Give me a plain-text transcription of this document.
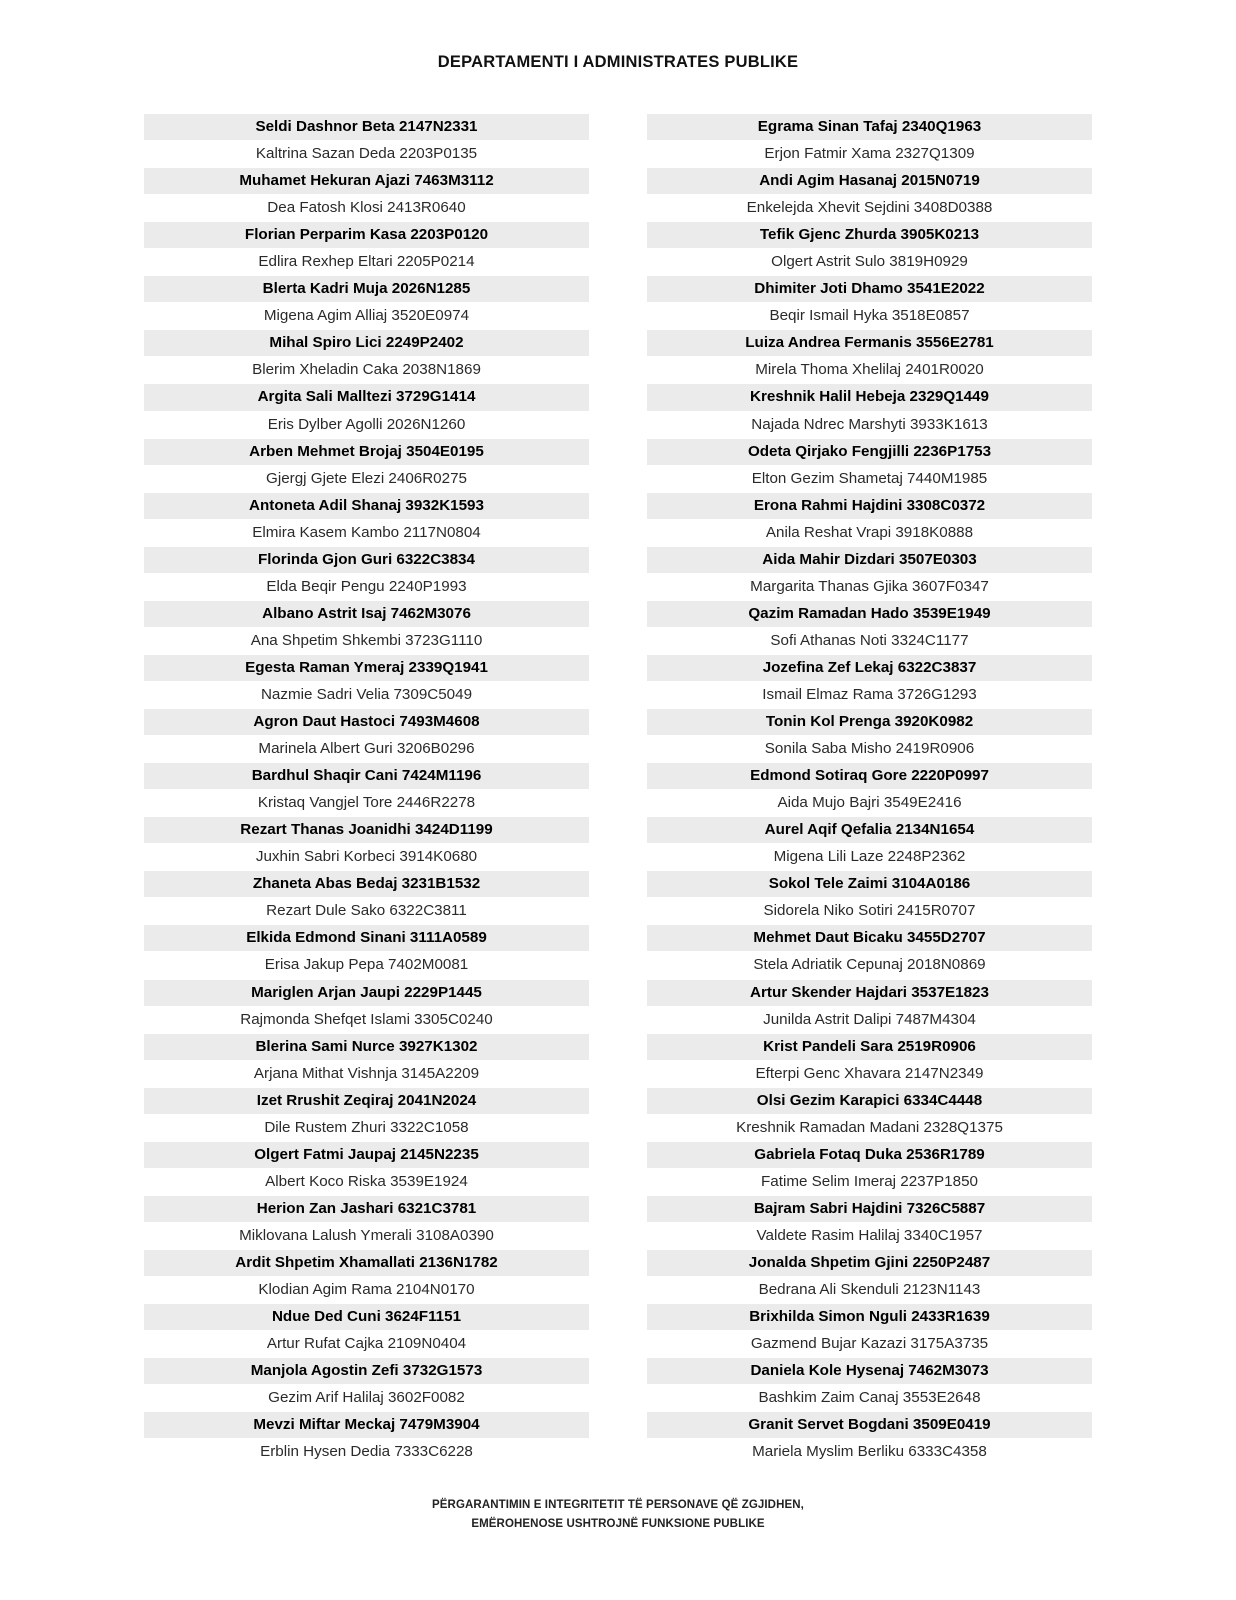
DEPARTAMENTI I ADMINISTRATES PUBLIKE
Seldi Dashnor Beta 2147N2331
Kaltrina Sazan Deda 2203P0135
Muhamet Hekuran Ajazi 7463M3112
Dea Fatosh Klosi 2413R0640
Florian Perparim Kasa 2203P0120
Edlira Rexhep Eltari 2205P0214
Blerta Kadri Muja 2026N1285
Migena Agim Alliaj 3520E0974
Mihal Spiro Lici 2249P2402
Blerim Xheladin Caka 2038N1869
Argita Sali Malltezi 3729G1414
Eris Dylber Agolli 2026N1260
Arben Mehmet Brojaj 3504E0195
Gjergj Gjete Elezi 2406R0275
Antoneta Adil Shanaj 3932K1593
Elmira Kasem Kambo 2117N0804
Florinda Gjon Guri 6322C3834
Elda Beqir Pengu 2240P1993
Albano Astrit Isaj 7462M3076
Ana Shpetim Shkembi 3723G1110
Egesta Raman Ymeraj 2339Q1941
Nazmie Sadri Velia 7309C5049
Agron Daut Hastoci 7493M4608
Marinela Albert Guri 3206B0296
Bardhul Shaqir Cani 7424M1196
Kristaq Vangjel Tore 2446R2278
Rezart Thanas Joanidhi 3424D1199
Juxhin Sabri Korbeci 3914K0680
Zhaneta Abas Bedaj 3231B1532
Rezart Dule Sako 6322C3811
Elkida Edmond Sinani 3111A0589
Erisa Jakup Pepa 7402M0081
Mariglen Arjan Jaupi 2229P1445
Rajmonda Shefqet Islami 3305C0240
Blerina Sami Nurce 3927K1302
Arjana Mithat Vishnja 3145A2209
Izet Rrushit Zeqiraj 2041N2024
Dile Rustem Zhuri 3322C1058
Olgert Fatmi Jaupaj 2145N2235
Albert Koco Riska 3539E1924
Herion Zan Jashari 6321C3781
Miklovana Lalush Ymerali 3108A0390
Ardit Shpetim Xhamallati 2136N1782
Klodian Agim Rama 2104N0170
Ndue Ded Cuni 3624F1151
Artur Rufat Cajka 2109N0404
Manjola Agostin Zefi 3732G1573
Gezim Arif Halilaj 3602F0082
Mevzi Miftar Meckaj 7479M3904
Erblin Hysen Dedia 7333C6228
Egrama Sinan Tafaj 2340Q1963
Erjon Fatmir Xama 2327Q1309
Andi Agim Hasanaj 2015N0719
Enkelejda Xhevit Sejdini 3408D0388
Tefik Gjenc Zhurda 3905K0213
Olgert Astrit Sulo 3819H0929
Dhimiter Joti Dhamo 3541E2022
Beqir Ismail Hyka 3518E0857
Luiza Andrea Fermanis 3556E2781
Mirela Thoma Xhelilaj 2401R0020
Kreshnik Halil Hebeja 2329Q1449
Najada Ndrec Marshyti 3933K1613
Odeta Qirjako Fengjilli 2236P1753
Elton Gezim Shametaj 7440M1985
Erona Rahmi Hajdini 3308C0372
Anila Reshat Vrapi 3918K0888
Aida Mahir Dizdari 3507E0303
Margarita Thanas Gjika 3607F0347
Qazim Ramadan Hado 3539E1949
Sofi Athanas Noti 3324C1177
Jozefina Zef Lekaj 6322C3837
Ismail Elmaz Rama 3726G1293
Tonin Kol Prenga 3920K0982
Sonila Saba Misho 2419R0906
Edmond Sotiraq Gore 2220P0997
Aida Mujo Bajri 3549E2416
Aurel Aqif Qefalia 2134N1654
Migena Lili Laze 2248P2362
Sokol Tele Zaimi 3104A0186
Sidorela Niko Sotiri 2415R0707
Mehmet Daut Bicaku 3455D2707
Stela Adriatik Cepunaj 2018N0869
Artur Skender Hajdari 3537E1823
Junilda Astrit Dalipi 7487M4304
Krist Pandeli Sara 2519R0906
Efterpi Genc Xhavara 2147N2349
Olsi Gezim Karapici 6334C4448
Kreshnik Ramadan Madani 2328Q1375
Gabriela Fotaq Duka 2536R1789
Fatime Selim Imeraj 2237P1850
Bajram Sabri Hajdini 7326C5887
Valdete Rasim Halilaj 3340C1957
Jonalda Shpetim Gjini 2250P2487
Bedrana Ali Skenduli 2123N1143
Brixhilda Simon Nguli 2433R1639
Gazmend Bujar Kazazi 3175A3735
Daniela Kole Hysenaj 7462M3073
Bashkim Zaim Canaj 3553E2648
Granit Servet Bogdani 3509E0419
Mariela Myslim Berliku 6333C4358
PËRGARANTIMIN E INTEGRITETIT TË PERSONAVE QË ZGJIDHEN,
EMËROHENOSE USHTROJNË FUNKSIONE PUBLIKE
